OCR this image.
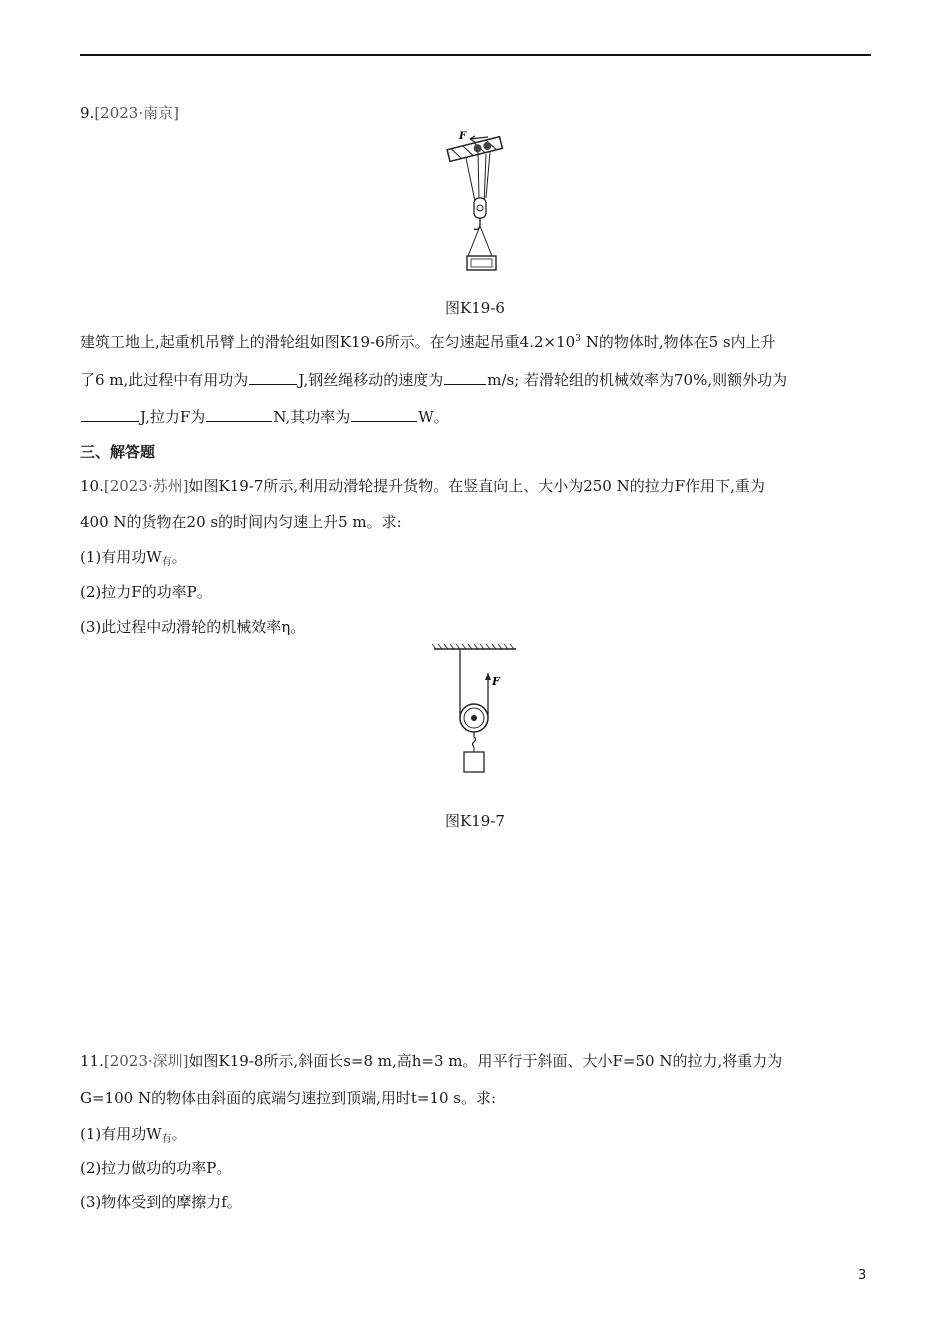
9.[2023·南京]
F
图K19-6
建筑工地上,起重机吊臂上的滑轮组如图K19-6所示。在匀速起吊重$4.2\times 10^3$ N的物体时,物体在5 s内上升
了6 m,此过程中有用功为	J,钢丝绳移动的速度为	m/s; 若滑轮组的机械效率为70%,则额外功为
J,拉力F为	N,其功率为	W。
三、解答题
10.[2023·苏州]如图K19-7所示,利用动滑轮提升货物。在竖直向上、大小为250 N的拉力F作用下,重为
400 N的货物在20 s的时间内匀速上升5 m。求:
(1)有用功$W_有$。
(2)拉力F的功率P。
(3)此过程中动滑轮的机械效率η。
F
图K19-7
11.[2023·深圳]如图K19-8所示,斜面长s=8 m,高h=3 m。用平行于斜面、大小F=50 N的拉力,将重力为
G=100 N的物体由斜面的底端匀速拉到顶端,用时t=10 s。求:
(1)有用功$W_有$。
(2)拉力做功的功率P。
(3)物体受到的摩擦力f。
3
